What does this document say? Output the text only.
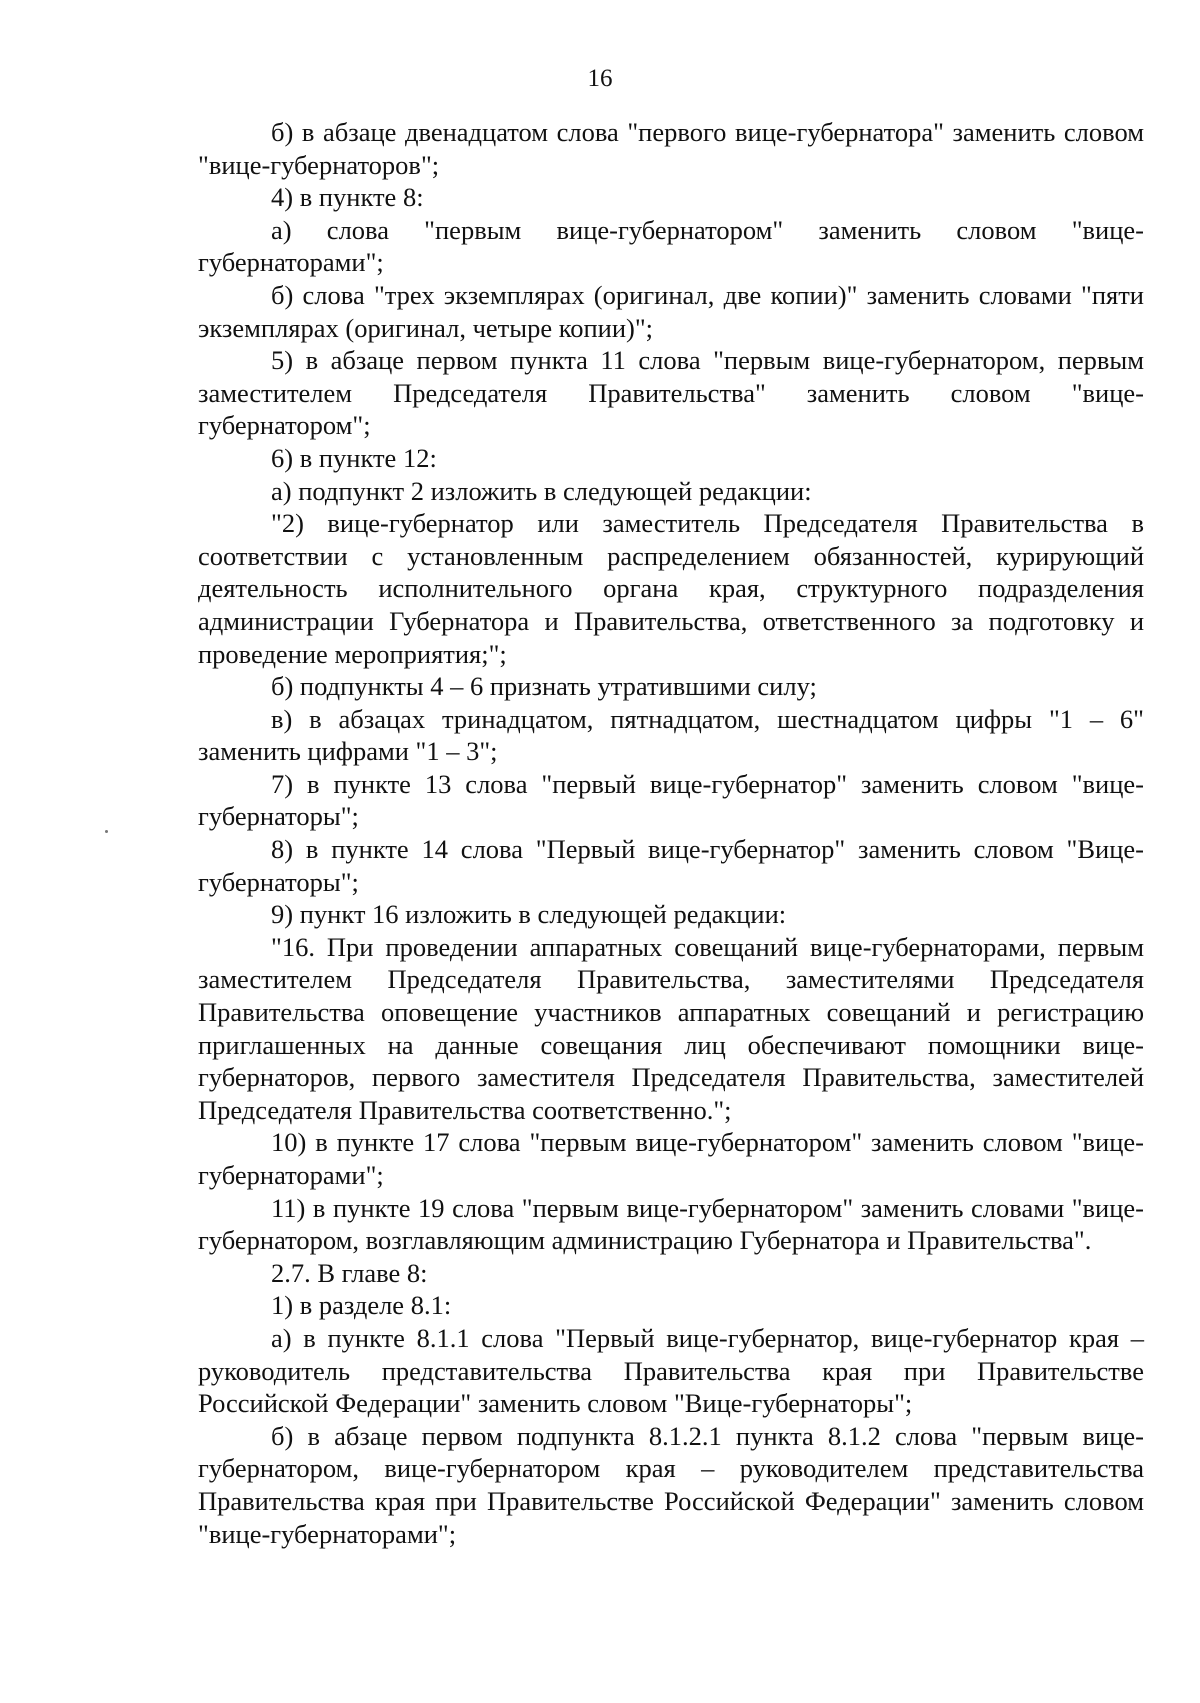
16

б) в абзаце двенадцатом слова "первого вице-губернатора" заменить словом "вице-губернаторов";

4) в пункте 8:

а) слова "первым вице-губернатором" заменить словом "вице-губернаторами";

б) слова "трех экземплярах (оригинал, две копии)" заменить словами "пяти экземплярах (оригинал, четыре копии)";

5) в абзаце первом пункта 11 слова "первым вице-губернатором, первым заместителем Председателя Правительства" заменить словом "вице-губернатором";

6) в пункте 12:

а) подпункт 2 изложить в следующей редакции:

"2) вице-губернатор или заместитель Председателя Правительства в соответствии с установленным распределением обязанностей, курирующий деятельность исполнительного органа края, структурного подразделения администрации Губернатора и Правительства, ответственного за подготовку и проведение мероприятия;";

б) подпункты 4 – 6 признать утратившими силу;

в) в абзацах тринадцатом, пятнадцатом, шестнадцатом цифры "1 – 6" заменить цифрами "1 – 3";

7) в пункте 13 слова "первый вице-губернатор" заменить словом "вице-губернаторы";

8) в пункте 14 слова "Первый вице-губернатор" заменить словом "Вице-губернаторы";

9) пункт 16 изложить в следующей редакции:

"16. При проведении аппаратных совещаний вице-губернаторами, первым заместителем Председателя Правительства, заместителями Председателя Правительства оповещение участников аппаратных совещаний и регистрацию приглашенных на данные совещания лиц обеспечивают помощники вице-губернаторов, первого заместителя Председателя Правительства, заместителей Председателя Правительства соответственно.";

10) в пункте 17 слова "первым вице-губернатором" заменить словом "вице-губернаторами";

11) в пункте 19 слова "первым вице-губернатором" заменить словами "вице-губернатором, возглавляющим администрацию Губернатора и Правительства".

2.7. В главе 8:

1) в разделе 8.1:

а) в пункте 8.1.1 слова "Первый вице-губернатор, вице-губернатор края – руководитель представительства Правительства края при Правительстве Российской Федерации" заменить словом "Вице-губернаторы";

б) в абзаце первом подпункта 8.1.2.1 пункта 8.1.2 слова "первым вице-губернатором, вице-губернатором края – руководителем представительства Правительства края при Правительстве Российской Федерации" заменить словом "вице-губернаторами";
